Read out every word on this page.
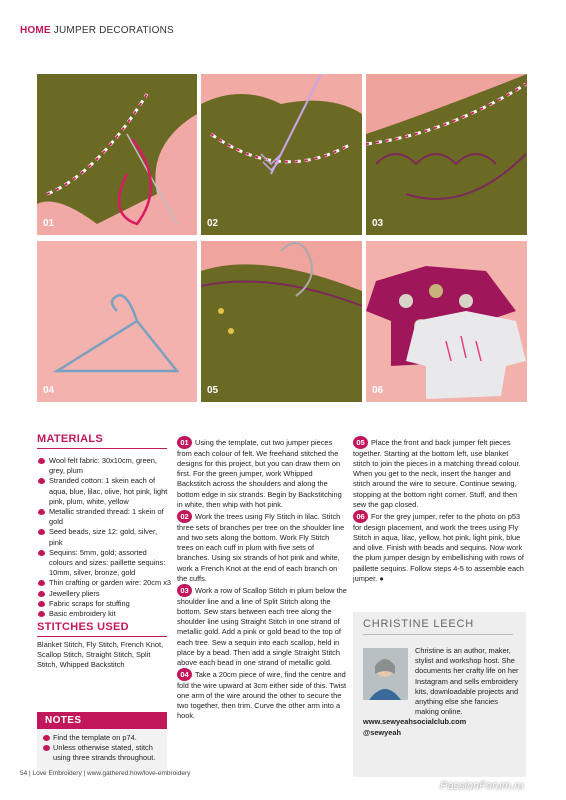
HOME JUMPER DECORATIONS
01	02	03
04	05	06
MATERIALS
Wool felt fabric: 30x10cm, green, grey, plum
Stranded cotton: 1 skein each of aqua, blue, lilac, olive, hot pink, light pink, plum, white, yellow
Metallic stranded thread: 1 skein of gold
Seed beads, size 12: gold, silver, pink
Sequins: 5mm, gold; assorted colours and sizes: paillette sequins: 10mm, silver, bronze, gold
Thin crafting or garden wire: 20cm x3
Jewellery pliers
Fabric scraps for stuffing
Basic embroidery kit
STITCHES USED
Blanket Stitch, Fly Stitch, French Knot, Scallop Stitch, Straight Stitch, Split Stitch, Whipped Backstitch
NOTES
Find the template on p74.
Unless otherwise stated, stitch using three strands throughout.

01 Using the template, cut two jumper pieces from each colour of felt. We freehand stitched the designs for this project, but you can draw them on first. For the green jumper, work Whipped Backstitch across the shoulders and along the bottom edge in six strands. Begin by Backstitching in white, then whip with hot pink.

02 Work the trees using Fly Stitch in lilac. Stitch three sets of branches per tree on the shoulder line and two sets along the bottom. Work Fly Stitch trees on each cuff in plum with five sets of branches. Using six strands of hot pink and white, work a French Knot at the end of each branch on the cuffs.

03 Work a row of Scallop Stitch in plum below the shoulder line and a line of Split Stitch along the bottom. Sew stars between each tree along the shoulder line using Straight Stitch in one strand of metallic gold. Add a pink or gold bead to the top of each tree. Sew a sequin into each scallop, held in place by a bead. Then add a single Straight Stitch above each bead in one strand of metallic gold.

04 Take a 20cm piece of wire, find the centre and fold the wire upward at 3cm either side of this. Twist one arm of the wire around the other to secure the two together, then trim. Curve the other arm into a hook.

05 Place the front and back jumper felt pieces together. Starting at the bottom left, use blanket stitch to join the pieces in a matching thread colour. When you get to the neck, insert the hanger and stitch around the wire to secure. Continue sewing, stopping at the bottom right corner. Stuff, and then sew the gap closed.

06 For the grey jumper, refer to the photo on p53 for design placement, and work the trees using Fly Stitch in aqua, lilac, yellow, hot pink, light pink, blue and olive. Finish with beads and sequins. Now work the plum jumper design by embellishing with rows of paillette sequins. Follow steps 4-5 to assemble each jumper. ●

CHRISTINE LEECH
Christine is an author, maker, stylist and workshop host. She documents her crafty life on her Instagram and sells embroidery kits, downloadable projects and anything else she fancies making online.
www.sewyeahsocialclub.com
@sewyeah
54 | Love Embroidery | www.gathered.how/love-embroidery
PassionForum.ru
